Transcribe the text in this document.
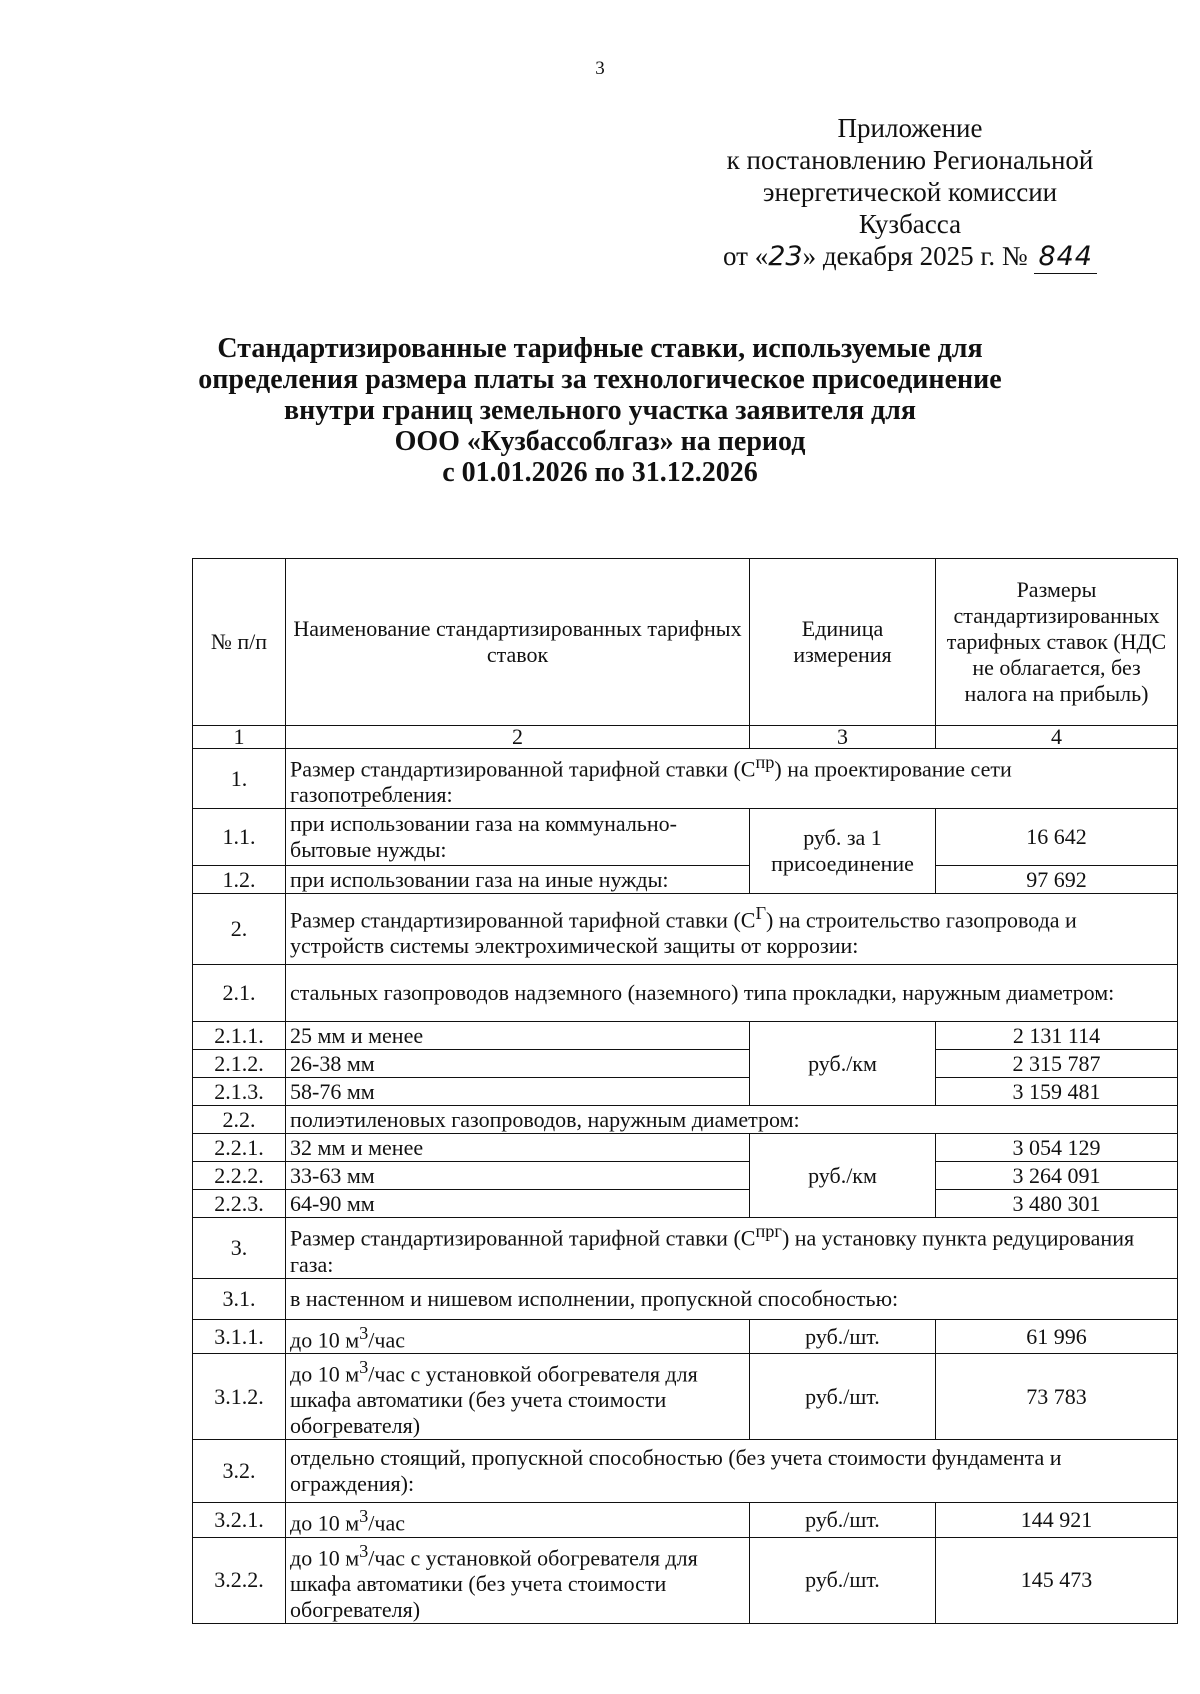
3
Приложение
к постановлению Региональной
энергетической комиссии
Кузбасса
от «23» декабря 2025 г. № 844
Стандартизированные тарифные ставки, используемые для
определения размера платы за технологическое присоединение
внутри границ земельного участка заявителя для
ООО «Кузбассоблгаз» на период
с 01.01.2026 по 31.12.2026
№ п/п	Наименование стандартизированных тарифных ставок	Единица измерения	Размеры стандартизированных тарифных ставок (НДС не облагается, без налога на прибыль)
1	2	3	4
1.	Размер стандартизированной тарифной ставки $(С^{пр})$ на проектирование сети газопотребления:		
1.1.	при использовании газа на коммунально-бытовые нужды:	руб. за 1 присоединение	16 642
1.2.	при использовании газа на иные нужды:		97 692
2.	Размер стандартизированной тарифной ставки $(С^Г)$ на строительство газопровода и устройств системы электрохимической защиты от коррозии:		
2.1.	стальных газопроводов надземного (наземного) типа прокладки, наружным диаметром:		
2.1.1.	25 мм и менее	руб./км	2 131 114
2.1.2.	26-38 мм		2 315 787
2.1.3.	58-76 мм		3 159 481
2.2.	полиэтиленовых газопроводов, наружным диаметром:		
2.2.1.	32 мм и менее	руб./км	3 054 129
2.2.2.	33-63 мм		3 264 091
2.2.3.	64-90 мм		3 480 301
3.	Размер стандартизированной тарифной ставки $(С^{прг})$ на установку пункта редуцирования газа:		
3.1.	в настенном и нишевом исполнении, пропускной способностью:		
3.1.1.	до 10 $м^3$/час	руб./шт.	61 996
3.1.2.	до 10 $м^3$/час с установкой обогревателя для шкафа автоматики (без учета стоимости обогревателя)	руб./шт.	73 783
3.2.	отдельно стоящий, пропускной способностью (без учета стоимости фундамента и ограждения):		
3.2.1.	до 10 $м^3$/час	руб./шт.	144 921
3.2.2.	до 10 $м^3$/час с установкой обогревателя для шкафа автоматики (без учета стоимости обогревателя)	руб./шт.	145 473
